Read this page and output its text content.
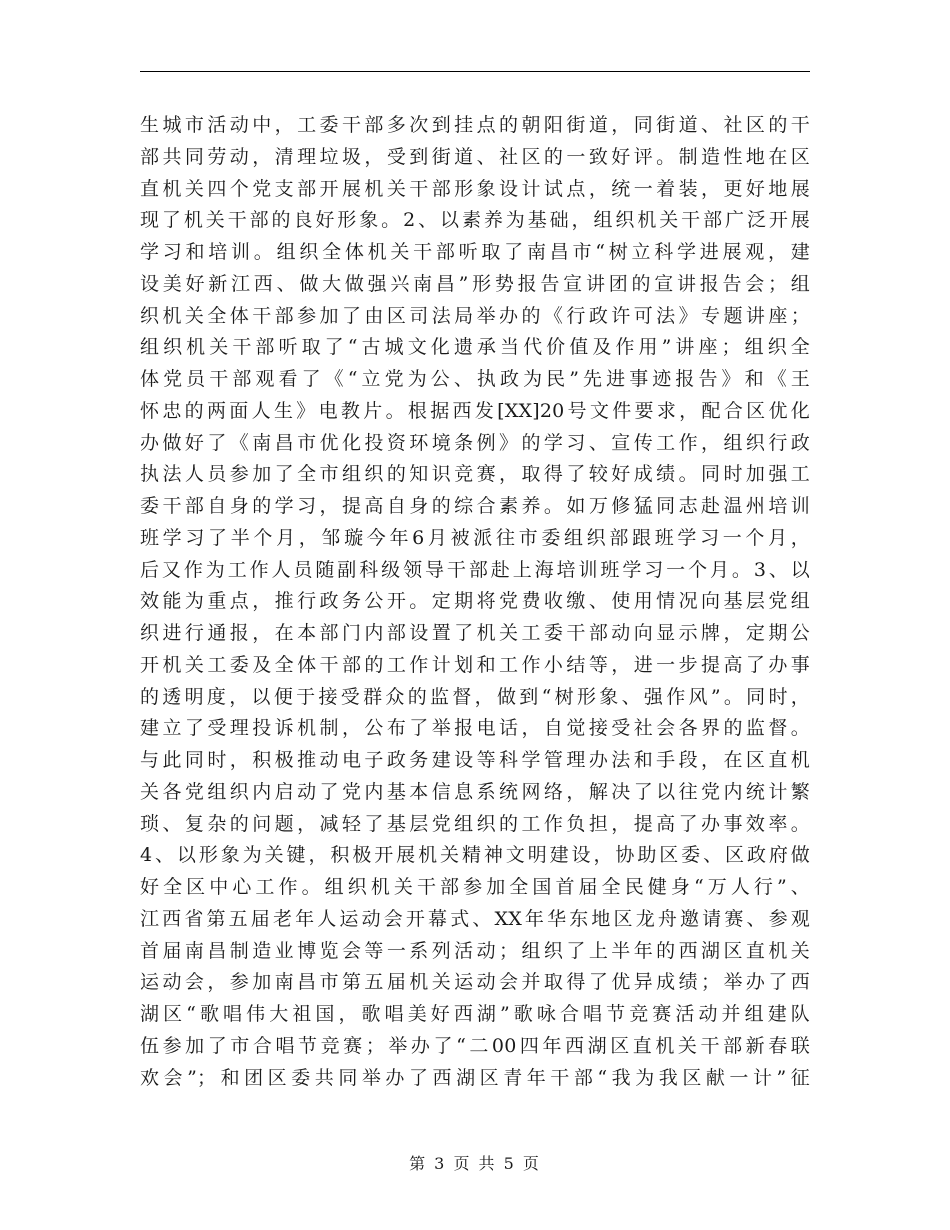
生城市活动中，工委干部多次到挂点的朝阳街道，同街道、社区的干
部共同劳动，清理垃圾，受到街道、社区的一致好评。制造性地在区
直机关四个党支部开展机关干部形象设计试点，统一着装，更好地展
现了机关干部的良好形象。2、以素养为基础，组织机关干部广泛开展
学习和培训。组织全体机关干部听取了南昌市“树立科学进展观，建
设美好新江西、做大做强兴南昌”形势报告宣讲团的宣讲报告会；组
织机关全体干部参加了由区司法局举办的《行政许可法》专题讲座；
组织机关干部听取了“古城文化遗承当代价值及作用”讲座；组织全
体党员干部观看了《“立党为公、执政为民”先进事迹报告》和《王
怀忠的两面人生》电教片。根据西发[XX]20号文件要求，配合区优化
办做好了《南昌市优化投资环境条例》的学习、宣传工作，组织行政
执法人员参加了全市组织的知识竞赛，取得了较好成绩。同时加强工
委干部自身的学习，提高自身的综合素养。如万修猛同志赴温州培训
班学习了半个月，邹璇今年6月被派往市委组织部跟班学习一个月，
后又作为工作人员随副科级领导干部赴上海培训班学习一个月。3、以
效能为重点，推行政务公开。定期将党费收缴、使用情况向基层党组
织进行通报，在本部门内部设置了机关工委干部动向显示牌，定期公
开机关工委及全体干部的工作计划和工作小结等，进一步提高了办事
的透明度，以便于接受群众的监督，做到“树形象、强作风”。同时，
建立了受理投诉机制，公布了举报电话，自觉接受社会各界的监督。
与此同时，积极推动电子政务建设等科学管理办法和手段，在区直机
关各党组织内启动了党内基本信息系统网络，解决了以往党内统计繁
琐、复杂的问题，减轻了基层党组织的工作负担，提高了办事效率。
4、以形象为关键，积极开展机关精神文明建设，协助区委、区政府做
好全区中心工作。组织机关干部参加全国首届全民健身“万人行”、
江西省第五届老年人运动会开幕式、XX年华东地区龙舟邀请赛、参观
首届南昌制造业博览会等一系列活动；组织了上半年的西湖区直机关
运动会，参加南昌市第五届机关运动会并取得了优异成绩；举办了西
湖区“歌唱伟大祖国，歌唱美好西湖”歌咏合唱节竞赛活动并组建队
伍参加了市合唱节竞赛；举办了“二00四年西湖区直机关干部新春联
欢会”；和团区委共同举办了西湖区青年干部“我为我区献一计”征
第 3 页 共 5 页
